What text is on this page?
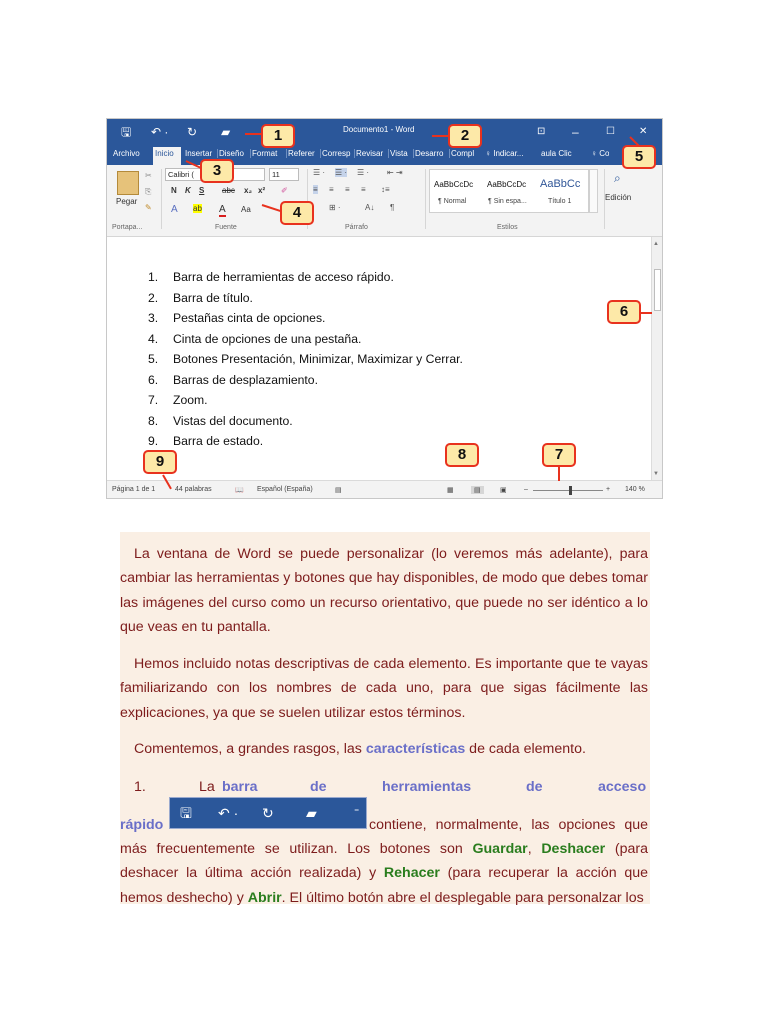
🖫 ↶ · ↻ ▰	Documento1 - Word	⊡ –	☐ ✕
Archivo Inicio	Insertar Diseño	Format	Referer Corresp Revisar Vista Desarro Compl	♀ Indicar... aula Clic ♀ Co
Pegar
✂
⎘
✎
Calibri (	11
N K S abc x₂ x² ✐
A ab A Aa
☰ · ☰ · ☰ · ⇤ ⇥
≡ ≡ ≡ ≡ ↕≡
⊞ ·	A↓ ¶
AaBbCcDc
¶ Normal
AaBbCcDc
¶ Sin espa...
AaBbCc
Título 1
⌕
Edición
Portapa...	Fuente	Párrafo	Estilos
▲
▼
Página 1 de 1	44 palabras	📖 Español (España)	▤	▦	▤	▣ –	+ 140 %
1. Barra de herramientas de acceso rápido.
2. Barra de título.
3. Pestañas cinta de opciones.
4. Cinta de opciones de una pestaña.
5. Botones Presentación, Minimizar, Maximizar y Cerrar.
6. Barras de desplazamiento.
7. Zoom.
8. Vistas del documento.
9. Barra de estado.
1	2
3
4
5
6
7
8
9
La ventana de Word se puede personalizar (lo veremos más adelante), para cambiar las herramientas y botones que hay disponibles, de modo que debes tomar las imágenes del curso como un recurso orientativo, que puede no ser idéntico a lo que veas en tu pantalla.
Hemos incluido notas descriptivas de cada elemento. Es importante que te vayas familiarizando con los nombres de cada uno, para que sigas fácilmente las explicaciones, ya que se suelen utilizar estos términos.
Comentemos, a grandes rasgos, las características de cada elemento.
1.	La barra	de	herramientas	de	acceso
rápido	contiene, normalmente, las opciones que
más frecuentemente se utilizan. Los botones son Guardar, Deshacer (para deshacer la última acción realizada) y Rehacer (para recuperar la acción que hemos deshecho) y Abrir. El último botón abre el desplegable para personalzar los
🖫 ↶ · ↻ ▰	⁼
